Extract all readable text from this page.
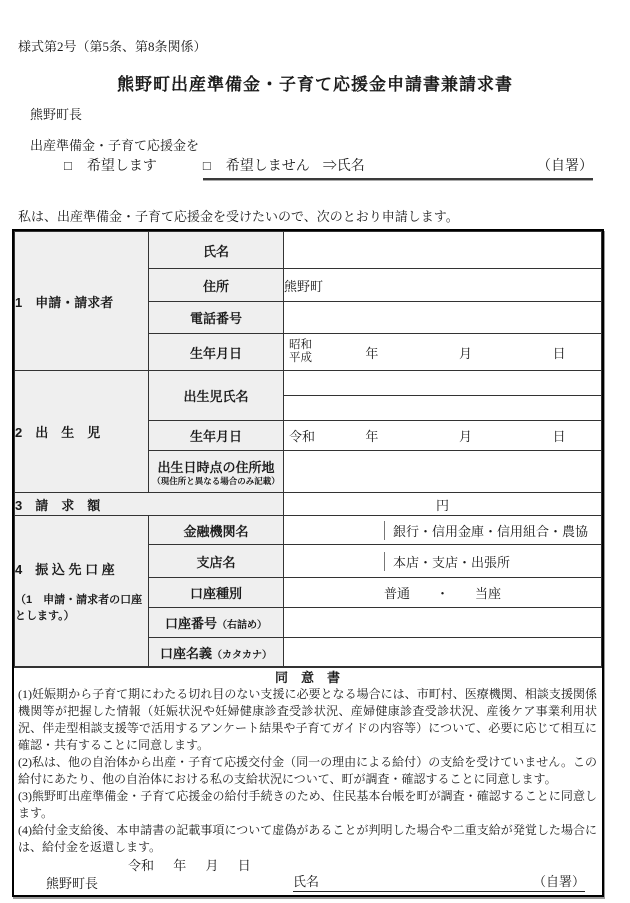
様式第2号（第5条、第8条関係）
熊野町出産準備金・子育て応援金申請書兼請求書
熊野町長
出産準備金・子育て応援金を
□ 希望します	□ 希望しません ⇒氏名	（自署）
私は、出産準備金・子育て応援金を受けたいので、次のとおり申請します。
1　申請・請求者	氏名	
	住所	熊野町
	電話番号	
	生年月日	昭和
平成 年 月 日

2　出　生　児	出生児氏名	

	生年月日	令和 年 月 日

	出生日時点の住所地
（現住所と異なる場合のみ記載）	

3　請　求　額		円

4　振 込 先 口 座
（1　申請・請求者の口座とします。）	金融機関名	銀行・信用金庫・信用組合・農協

	支店名	本店・支店・出張所

	口座種別	普通　　・　　当座
	口座番号（右詰め）	

	口座名義（カタカナ）	
同　意　書

(1)妊娠期から子育て期にわたる切れ目のない支援に必要となる場合には、市町村、医療機関、相談支援関係機関等が把握した情報（妊娠状況や妊婦健康診査受診状況、産婦健康診査受診状況、産後ケア事業利用状況、伴走型相談支援等で活用するアンケート結果や子育てガイドの内容等）について、必要に応じて相互に確認・共有することに同意します。

(2)私は、他の自治体から出産・子育て応援交付金（同一の理由による給付）の支給を受けていません。この給付にあたり、他の自治体における私の支給状況について、町が調査・確認することに同意します。

(3)熊野町出産準備金・子育て応援金の給付手続きのため、住民基本台帳を町が調査・確認することに同意します。

(4)給付金支給後、本申請書の記載事項について虚偽があることが判明した場合や二重支給が発覚した場合には、給付金を返還します。

令和 年 月 日
熊野町長	氏名	（自署）
